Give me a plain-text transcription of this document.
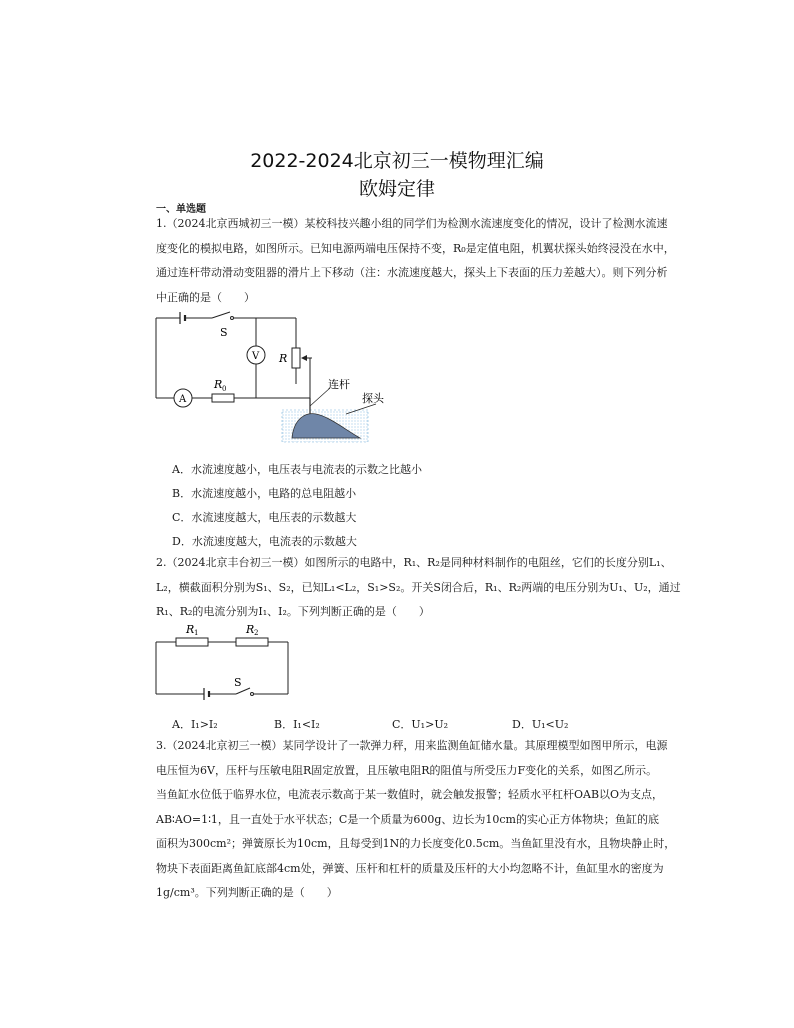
2022-2024北京初三一模物理汇编
欧姆定律
一、单选题
1.（2024北京西城初三一模）某校科技兴趣小组的同学们为检测水流速度变化的情况，设计了检测水流速
度变化的模拟电路，如图所示。已知电源两端电压保持不变，R₀是定值电阻，机翼状探头始终浸没在水中，
通过连杆带动滑动变阻器的滑片上下移动（注：水流速度越大，探头上下表面的压力差越大）。则下列分析
中正确的是（　　）
S
V
A
R
R 0	连杆
探头
A．水流速度越小，电压表与电流表的示数之比越小
B．水流速度越小，电路的总电阻越小
C．水流速度越大，电压表的示数越大
D．水流速度越大，电流表的示数越大
2.（2024北京丰台初三一模）如图所示的电路中，R₁、R₂是同种材料制作的电阻丝，它们的长度分别L₁、
L₂，横截面积分别为S₁、S₂，已知L₁<L₂，S₁>S₂。开关S闭合后，R₁、R₂两端的电压分别为U₁、U₂，通过
R₁、R₂的电流分别为I₁、I₂。下列判断正确的是（　　）
R 1	R 2
S
A．I₁>I₂	B．I₁<I₂	C．U₁>U₂	D．U₁<U₂
3.（2024北京初三一模）某同学设计了一款弹力秤，用来监测鱼缸储水量。其原理模型如图甲所示，电源
电压恒为6V，压杆与压敏电阻R固定放置，且压敏电阻R的阻值与所受压力F变化的关系，如图乙所示。
当鱼缸水位低于临界水位，电流表示数高于某一数值时，就会触发报警；轻质水平杠杆OAB以O为支点，
AB∶AO=1∶1，且一直处于水平状态；C是一个质量为600g、边长为10cm的实心正方体物块；鱼缸的底
面积为300cm²；弹簧原长为10cm，且每受到1N的力长度变化0.5cm。当鱼缸里没有水，且物块静止时，
物块下表面距离鱼缸底部4cm处，弹簧、压杆和杠杆的质量及压杆的大小均忽略不计，鱼缸里水的密度为
1g/cm³。下列判断正确的是（　　）
